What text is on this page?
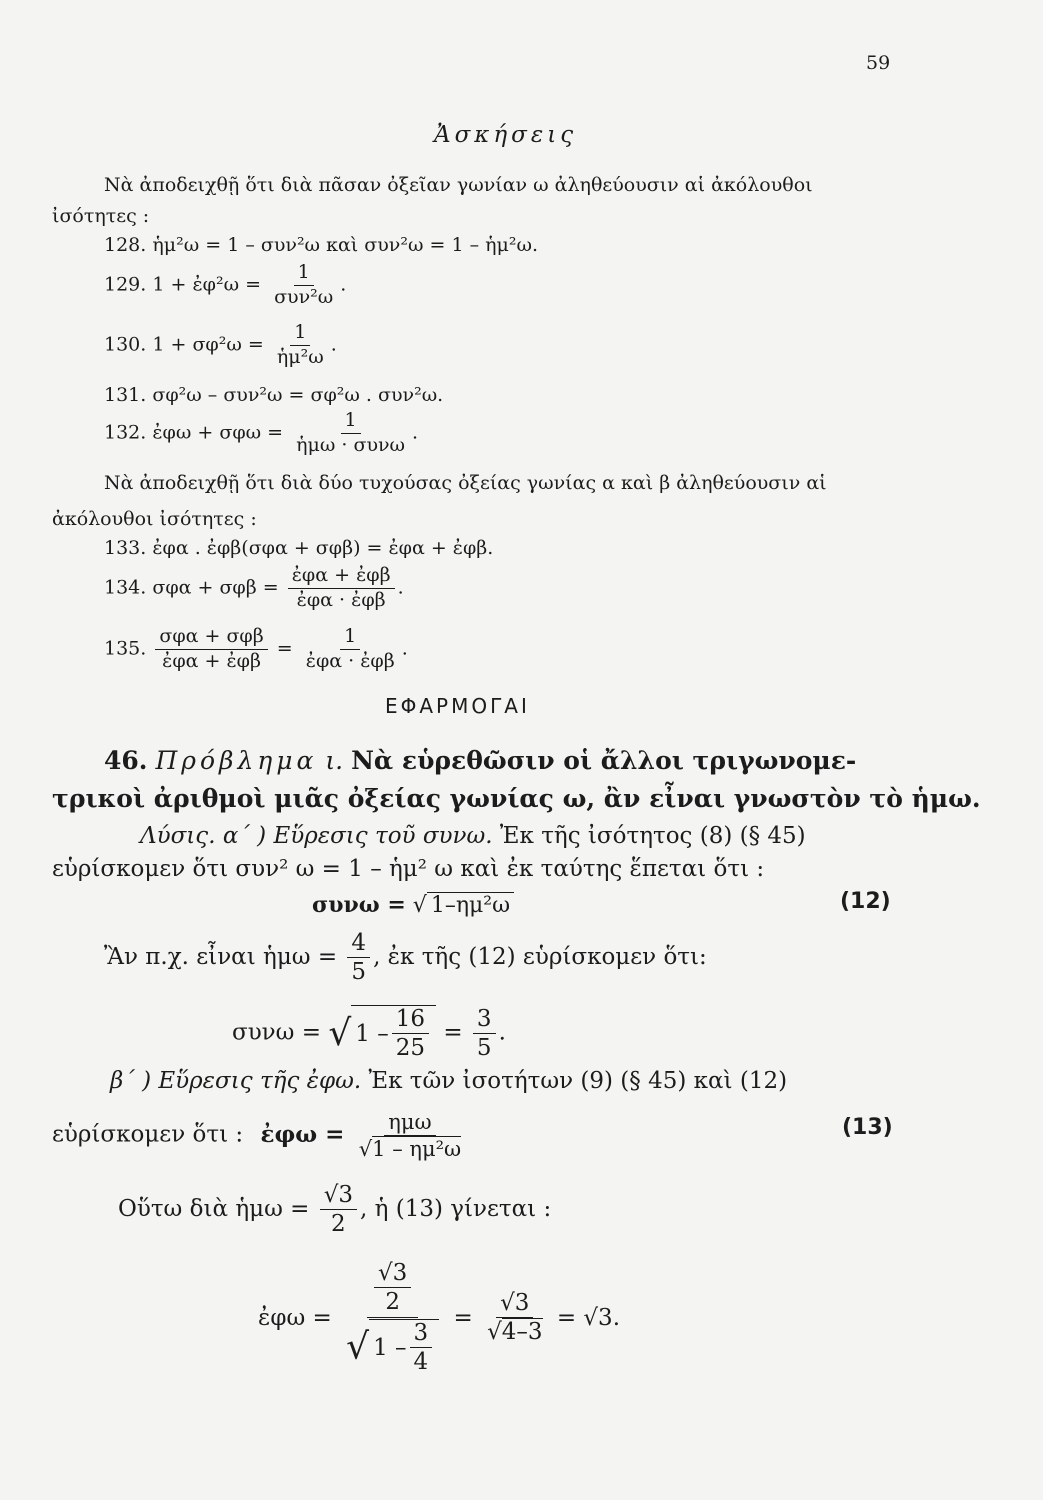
59
Ἀσκήσεις
Νὰ ἀποδειχθῇ ὅτι διὰ πᾶσαν ὀξεῖαν γωνίαν ω ἀληθεύουσιν αἱ ἀκόλουθοι
ἰσότητες :
128. ἡμ²ω = 1 – συν²ω καὶ συν²ω = 1 – ἡμ²ω.
129. 1 + ἐφ²ω = $\frac{1}{\text{συν²ω}}$ .
130. $1 + \sigma\varphi^2\omega = \frac{1}{\text{ἡμ²ω}}$ .
131. σφ²ω – συν²ω = σφ²ω . συν²ω.
132. ἐφω + $\sigma\varphi\omega = \frac{1}{\text{ἡμω · συνω}}$ .
Νὰ ἀποδειχθῇ ὅτι διὰ δύο τυχούσας ὀξείας γωνίας α καὶ β ἀληθεύουσιν αἱ
ἀκόλουθοι ἰσότητες :
133. ἐφα . ἐφβ(σφα + σφβ) = ἐφα + ἐφβ.
134. $\sigma\varphi\alpha + \sigma\varphi\beta = \frac{\text{ἐφα + ἐφβ}}{\text{ἐφα · ἐφβ}}$ .
135. $\frac{\text{σφα + σφβ}}{\text{ἐφα + ἐφβ}} = \frac{1}{\text{ἐφα · ἐφβ}}$ .
ΕΦΑΡΜΟΓΑΙ
46. Πρόβλημα ι. Νὰ εὑρεθῶσιν οἱ ἄλλοι τριγωνομε-
τρικοὶ ἀριθμοὶ μιᾶς ὀξείας γωνίας ω, ἂν εἶναι γνωστὸν τὸ ἡμω.
Λύσις. α΄ ) Εὕρεσις τοῦ συνω. Ἐκ τῆς ἰσότητος (8) (§ 45)
εὑρίσκομεν ὅτι συν² ω = 1 – ἡμ² ω καὶ ἐκ ταύτης ἕπεται ὅτι :
συνω = √ 1–ημ²ω	(12)
Ἂν π.χ. εἶναι ἡμω = $\frac{4}{5}$ , ἐκ τῆς (12) εὑρίσκομεν ὅτι:
συνω = √ $1 - \frac{16}{25} = \frac{3}{5}$ .
β΄ ) Εὕρεσις τῆς ἐφω. Ἐκ τῶν ἰσοτήτων (9) (§ 45) καὶ (12)
εὑρίσκομεν ὅτι : ἐφω = $\frac{\text{ημω}}{\text{√1 – ημ²ω}}$	(13)
Οὕτω διὰ ἡμω = $\frac{√3}{2}$ , ἡ (13) γίνεται :
ἐφω = $\frac{\frac{√3}{2}}{√ 1 - \frac{3}{4}} = \frac{√3}{√4-3} = √3$.
